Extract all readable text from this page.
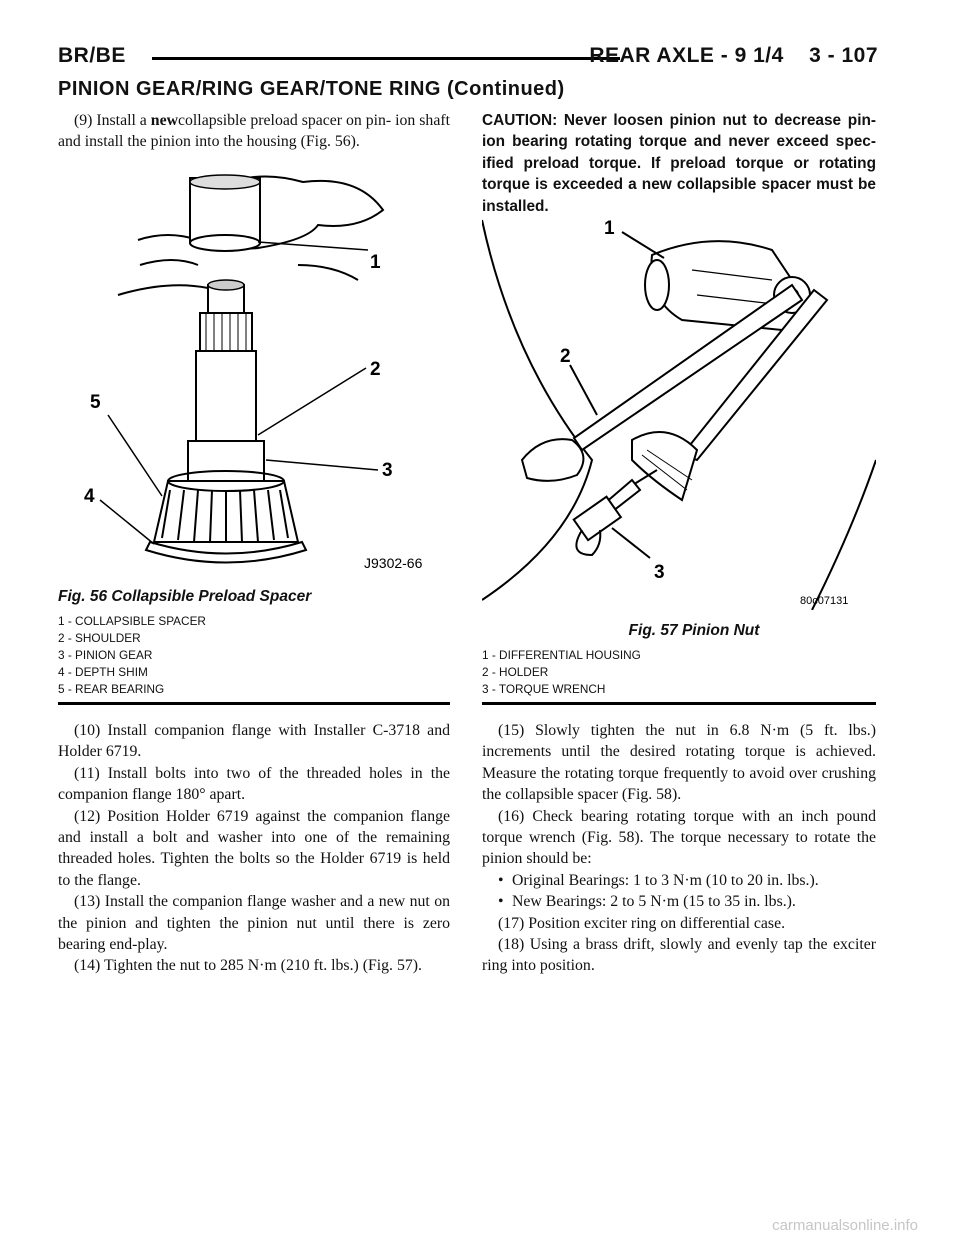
BR/BE	REAR AXLE - 9 1/4    3 - 107
PINION GEAR/RING GEAR/TONE RING (Continued)

(9) Install a newcollapsible preload spacer on pin- ion shaft and install the pinion into the housing (Fig. 56).

1
2
3
4
5
J9302-66
Fig. 56 Collapsible Preload Spacer
1 - COLLAPSIBLE SPACER
2 - SHOULDER
3 - PINION GEAR
4 - DEPTH SHIM
5 - REAR BEARING

(10) Install companion flange with Installer C-3718 and Holder 6719.

(11) Install bolts into two of the threaded holes in the companion flange 180° apart.

(12) Position Holder 6719 against the companion flange and install a bolt and washer into one of the remaining threaded holes. Tighten the bolts so the Holder 6719 is held to the flange.

(13) Install the companion flange washer and a new nut on the pinion and tighten the pinion nut until there is zero bearing end-play.

(14) Tighten the nut to 285 N·m (210 ft. lbs.) (Fig. 57).

CAUTION: Never loosen pinion nut to decrease pin- ion bearing rotating torque and never exceed spec- ified preload torque. If preload torque or rotating torque is exceeded a new collapsible spacer must be installed.

1
2
3
80c07131
Fig. 57 Pinion Nut
1 - DIFFERENTIAL HOUSING
2 - HOLDER
3 - TORQUE WRENCH

(15) Slowly tighten the nut in 6.8 N·m (5 ft. lbs.) increments until the desired rotating torque is achieved. Measure the rotating torque frequently to avoid over crushing the collapsible spacer (Fig. 58).

(16) Check bearing rotating torque with an inch pound torque wrench (Fig. 58). The torque necessary to rotate the pinion should be:

• Original Bearings: 1 to 3 N·m (10 to 20 in. lbs.).

• New Bearings: 2 to 5 N·m (15 to 35 in. lbs.).

(17) Position exciter ring on differential case.

(18) Using a brass drift, slowly and evenly tap the exciter ring into position.

carmanualsonline.info
